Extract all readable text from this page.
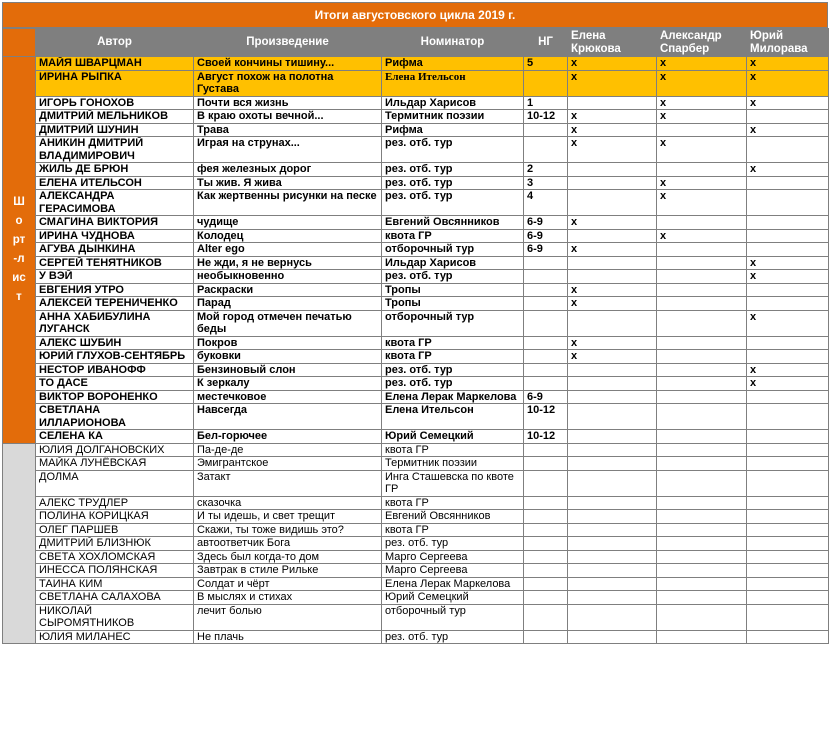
Итоги августовского цикла 2019 г.
	Автор	Произведение	Номинатор	НГ	Елена Крюкова	Александр Спарбер	Юрий Милорава
Шорт-лист	МАЙЯ ШВАРЦМАН	Своей кончины тишину...	Рифма	5	x	x	x
	ИРИНА РЫПКА	Август похож на полотна Густава	Елена Ительсон		x	x	x
	ИГОРЬ ГОНОХОВ	Почти вся жизнь	Ильдар Харисов	1		x	x
	ДМИТРИЙ МЕЛЬНИКОВ	В краю охоты вечной...	Термитник поэзии	10-12	x	x	
	ДМИТРИЙ ШУНИН	Трава	Рифма		x		x
	АНИКИН ДМИТРИЙ ВЛАДИМИРОВИЧ	Играя на струнах...	рез. отб. тур		x	x	
	ЖИЛЬ ДЕ БРЮН	фея железных дорог	рез. отб. тур	2			x
	ЕЛЕНА ИТЕЛЬСОН	Ты жив. Я жива	рез. отб. тур	3		x	
	АЛЕКСАНДРА ГЕРАСИМОВА	Как жертвенны рисунки на песке	рез. отб. тур	4		x	
	СМАГИНА ВИКТОРИЯ	чудище	Евгений Овсянников	6-9	x		
	ИРИНА ЧУДНОВА	Колодец	квота ГР	6-9		x	
	АГУВА ДЫНКИНА	Alter ego	отборочный тур	6-9	x		
	СЕРГЕЙ ТЕНЯТНИКОВ	Не жди, я не вернусь	Ильдар Харисов				x
	У ВЭЙ	необыкновенно	рез. отб. тур				x
	ЕВГЕНИЯ УТРО	Раскраски	Тропы		x		
	АЛЕКСЕЙ ТЕРЕНИЧЕНКО	Парад	Тропы		x		
	АННА ХАБИБУЛИНА ЛУГАНСК	Мой город отмечен печатью беды	отборочный тур				x
	АЛЕКС ШУБИН	Покров	квота ГР		x		
	ЮРИЙ ГЛУХОВ-СЕНТЯБРЬ	буковки	квота ГР		x		
	НЕСТОР ИВАНОФФ	Бензиновый слон	рез. отб. тур				x
	ТО ДАСЕ	К зеркалу	рез. отб. тур				x
	ВИКТОР ВОРОНЕНКО	местечковое	Елена Лерак Маркелова	6-9			
	СВЕТЛАНА ИЛЛАРИОНОВА	Навсегда	Елена Ительсон	10-12			
	СЕЛЕНА КА	Бел-горючее	Юрий Семецкий	10-12			
	ЮЛИЯ ДОЛГАНОВСКИХ	Па-де-де	квота ГР				
	МАЙКА ЛУНЁВСКАЯ	Эмигрантское	Термитник поэзии				
	ДОЛМА	Затакт	Инга Сташевска по квоте ГР				
	АЛЕКС ТРУДЛЕР	сказочка	квота ГР				
	ПОЛИНА КОРИЦКАЯ	И ты идешь, и свет трещит	Евгений Овсянников				
	ОЛЕГ ПАРШЕВ	Скажи, ты тоже видишь это?	квота ГР				
	ДМИТРИЙ БЛИЗНЮК	автоответчик Бога	рез. отб. тур				
	СВЕТА ХОХЛОМСКАЯ	Здесь был когда-то дом	Марго Сергеева				
	ИНЕССА ПОЛЯНСКАЯ	Завтрак в стиле Рильке	Марго Сергеева				
	ТАИНА КИМ	Солдат и чёрт	Елена Лерак Маркелова				
	СВЕТЛАНА САЛАХОВА	В мыслях и стихах	Юрий Семецкий				
	НИКОЛАЙ СЫРОМЯТНИКОВ	лечит болью	отборочный тур				
	ЮЛИЯ МИЛАНЕС	Не плачь	рез. отб. тур				
